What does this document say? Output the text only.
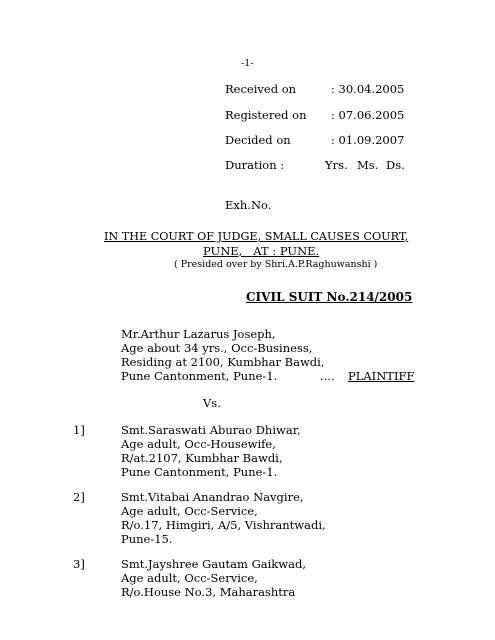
-1-
Received on	: 30.04.2005
Registered on : 07.06.2005
Decided on	: 01.09.2007
Duration :	Yrs. Ms. Ds.
Exh.No.
IN THE COURT OF JUDGE, SMALL CAUSES COURT,
PUNE,   AT : PUNE.
( Presided over by Shri.A.P.Raghuwanshi )
CIVIL SUIT No.214/2005
Mr.Arthur Lazarus Joseph,
Age about 34 yrs., Occ-Business,
Residing at 2100, Kumbhar Bawdi,
Pune Cantonment, Pune-1.	.... PLAINTIFF
Vs.
1]	Smt.Saraswati Aburao Dhiwar,
Age adult, Occ-Housewife,
R/at.2107, Kumbhar Bawdi,
Pune Cantonment, Pune-1.
2]	Smt.Vitabai Anandrao Navgire,
Age adult, Occ-Service,
R/o.17, Himgiri, A/5, Vishrantwadi,
Pune-15.
3]	Smt.Jayshree Gautam Gaikwad,
Age adult, Occ-Service,
R/o.House No.3, Maharashtra
